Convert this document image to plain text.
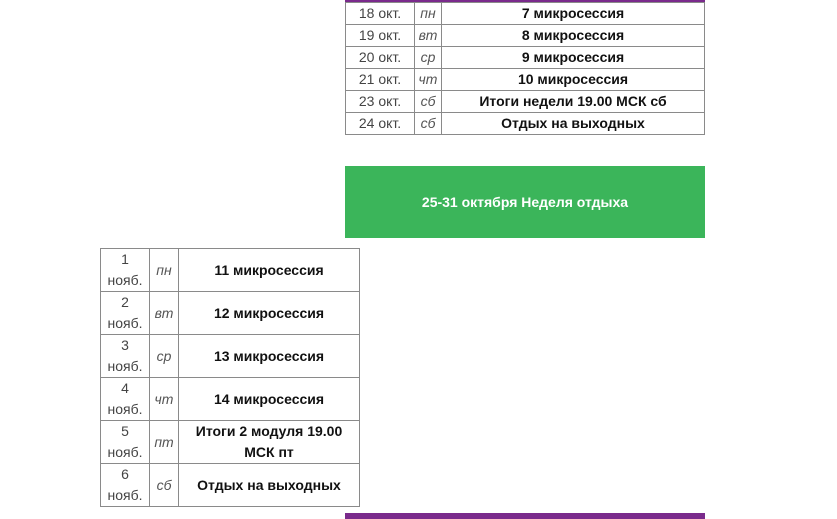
18 окт.	пн	7 микросессия
19 окт.	вт	8 микросессия
20 окт.	ср	9 микросессия
21 окт.	чт	10 микросессия
23 окт.	сб	Итоги недели 19.00 МСК сб
24 окт.	сб	Отдых на выходных
25-31 октября Неделя отдыха
1 нояб.	пн	11 микросессия
2 нояб.	вт	12 микросессия
3 нояб.	ср	13 микросессия
4 нояб.	чт	14 микросессия
5 нояб.	пт	Итоги 2 модуля 19.00 МСК пт
6 нояб.	сб	Отдых на выходных
